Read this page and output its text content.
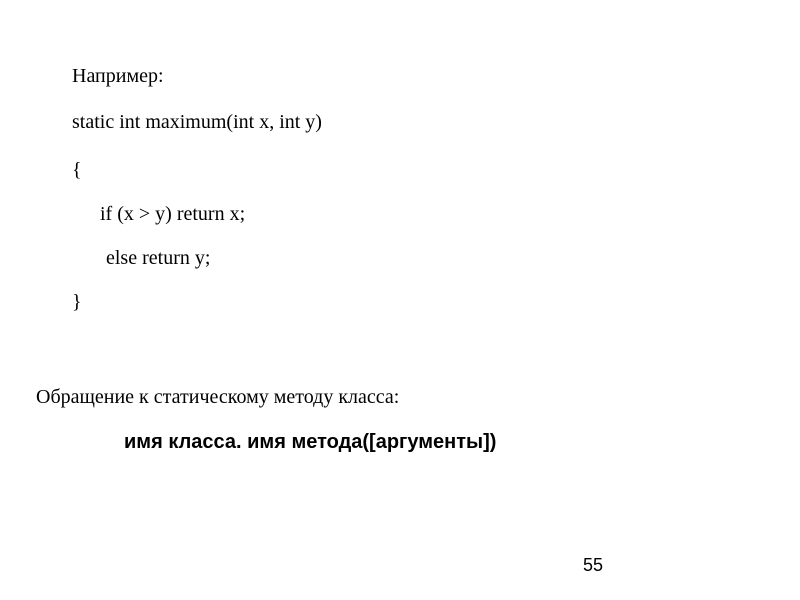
Например:
static int maximum(int x, int y)
{
if (x > y) return x;
else return y;
}
Обращение к статическому методу класса:
имя класса. имя метода([аргументы])
55
